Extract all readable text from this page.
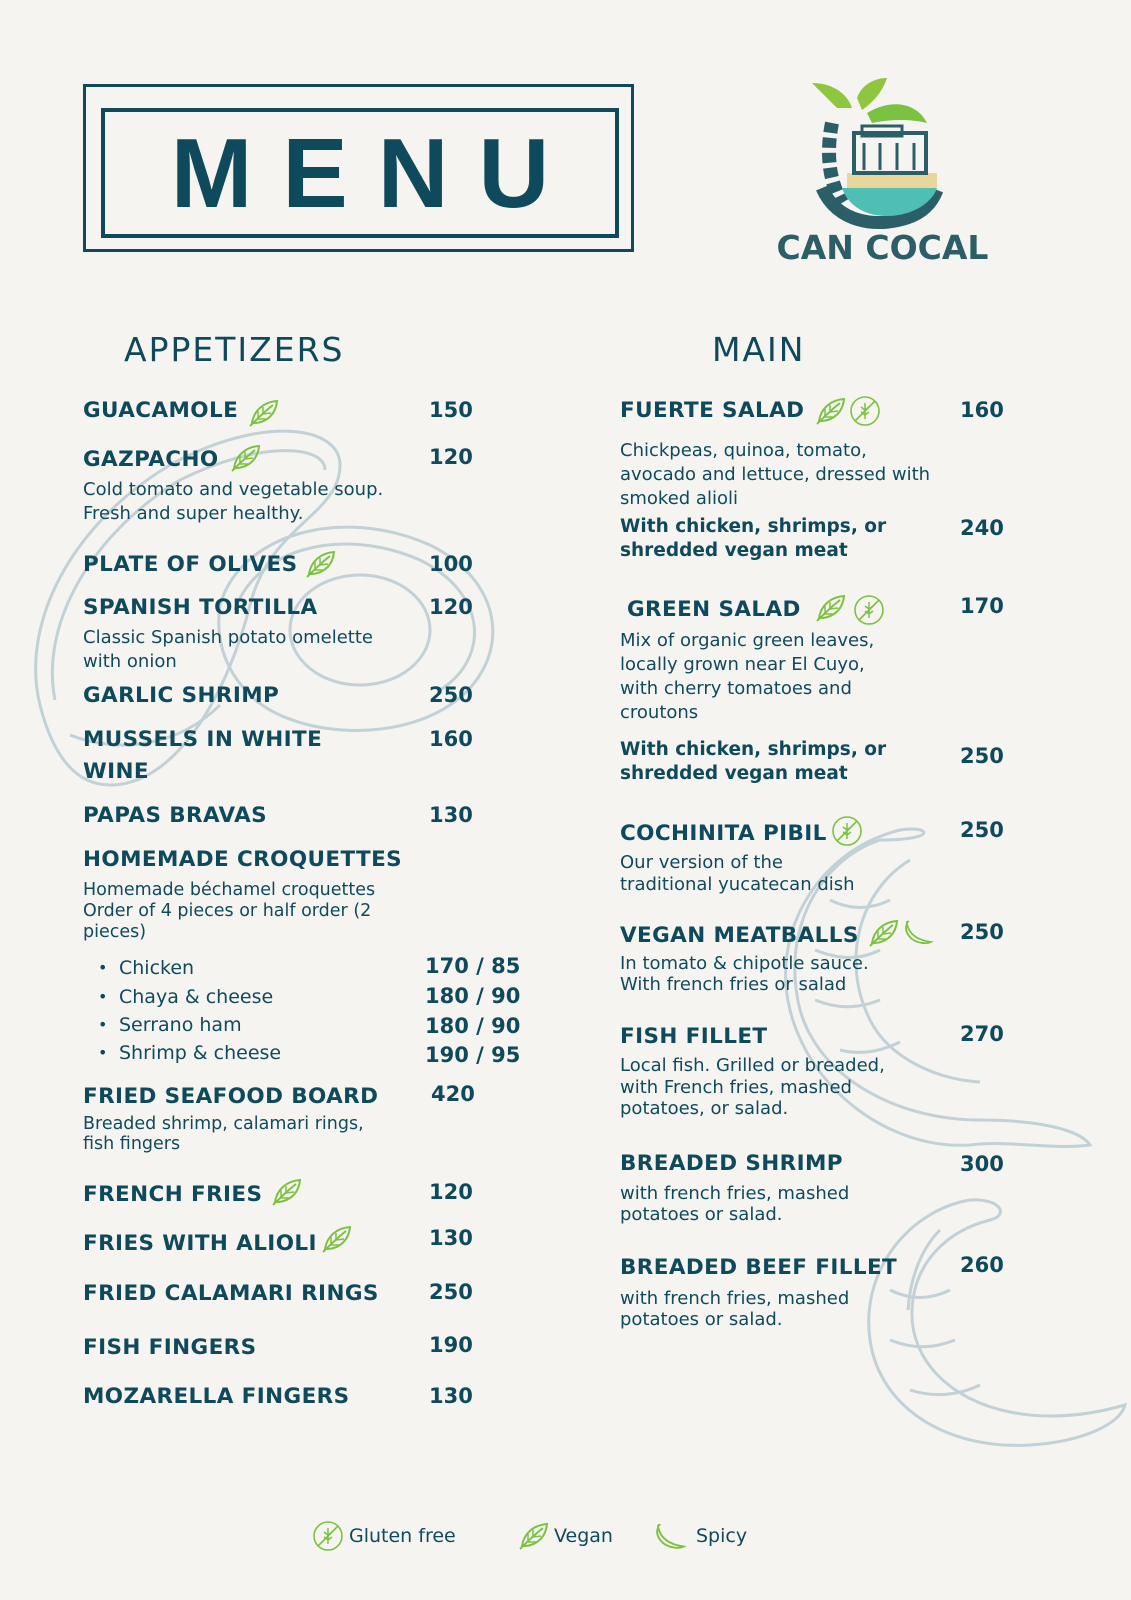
MENU
CAN COCAL
APPETIZERS	MAIN
GUACAMOLE	150
GAZPACHO	120
Cold tomato and vegetable soup.
Fresh and super healthy.
PLATE OF OLIVES	100
SPANISH TORTILLA	120
Classic Spanish potato omelette
with onion
GARLIC SHRIMP	250
MUSSELS IN WHITE
WINE
160
PAPAS BRAVAS	130
HOMEMADE CROQUETTES
Homemade béchamel croquettes
Order of 4 pieces or half order (2
pieces)
• Chicken	170 / 85
• Chaya & cheese	180 / 90
• Serrano ham	180 / 90
• Shrimp & cheese	190 / 95
FRIED SEAFOOD BOARD	420
Breaded shrimp, calamari rings,
fish fingers
FRENCH FRIES	120
FRIES WITH ALIOLI	130
FRIED CALAMARI RINGS 250
FISH FINGERS	190
MOZARELLA FINGERS	130
FUERTE SALAD	160
Chickpeas, quinoa, tomato,
avocado and lettuce, dressed with
smoked alioli
With chicken, shrimps, or
shredded vegan meat
240
GREEN SALAD	170
Mix of organic green leaves,
locally grown near El Cuyo,
with cherry tomatoes and
croutons
With chicken, shrimps, or
shredded vegan meat
250
COCHINITA PIBIL	250
Our version of the
traditional yucatecan dish
VEGAN MEATBALLS	250
In tomato & chipotle sauce.
With french fries or salad
FISH FILLET	270
Local fish. Grilled or breaded,
with French fries, mashed
potatoes, or salad.
BREADED SHRIMP	300
with french fries, mashed
potatoes or salad.
BREADED BEEF FILLET	260
with french fries, mashed
potatoes or salad.
Gluten free	Vegan	Spicy
